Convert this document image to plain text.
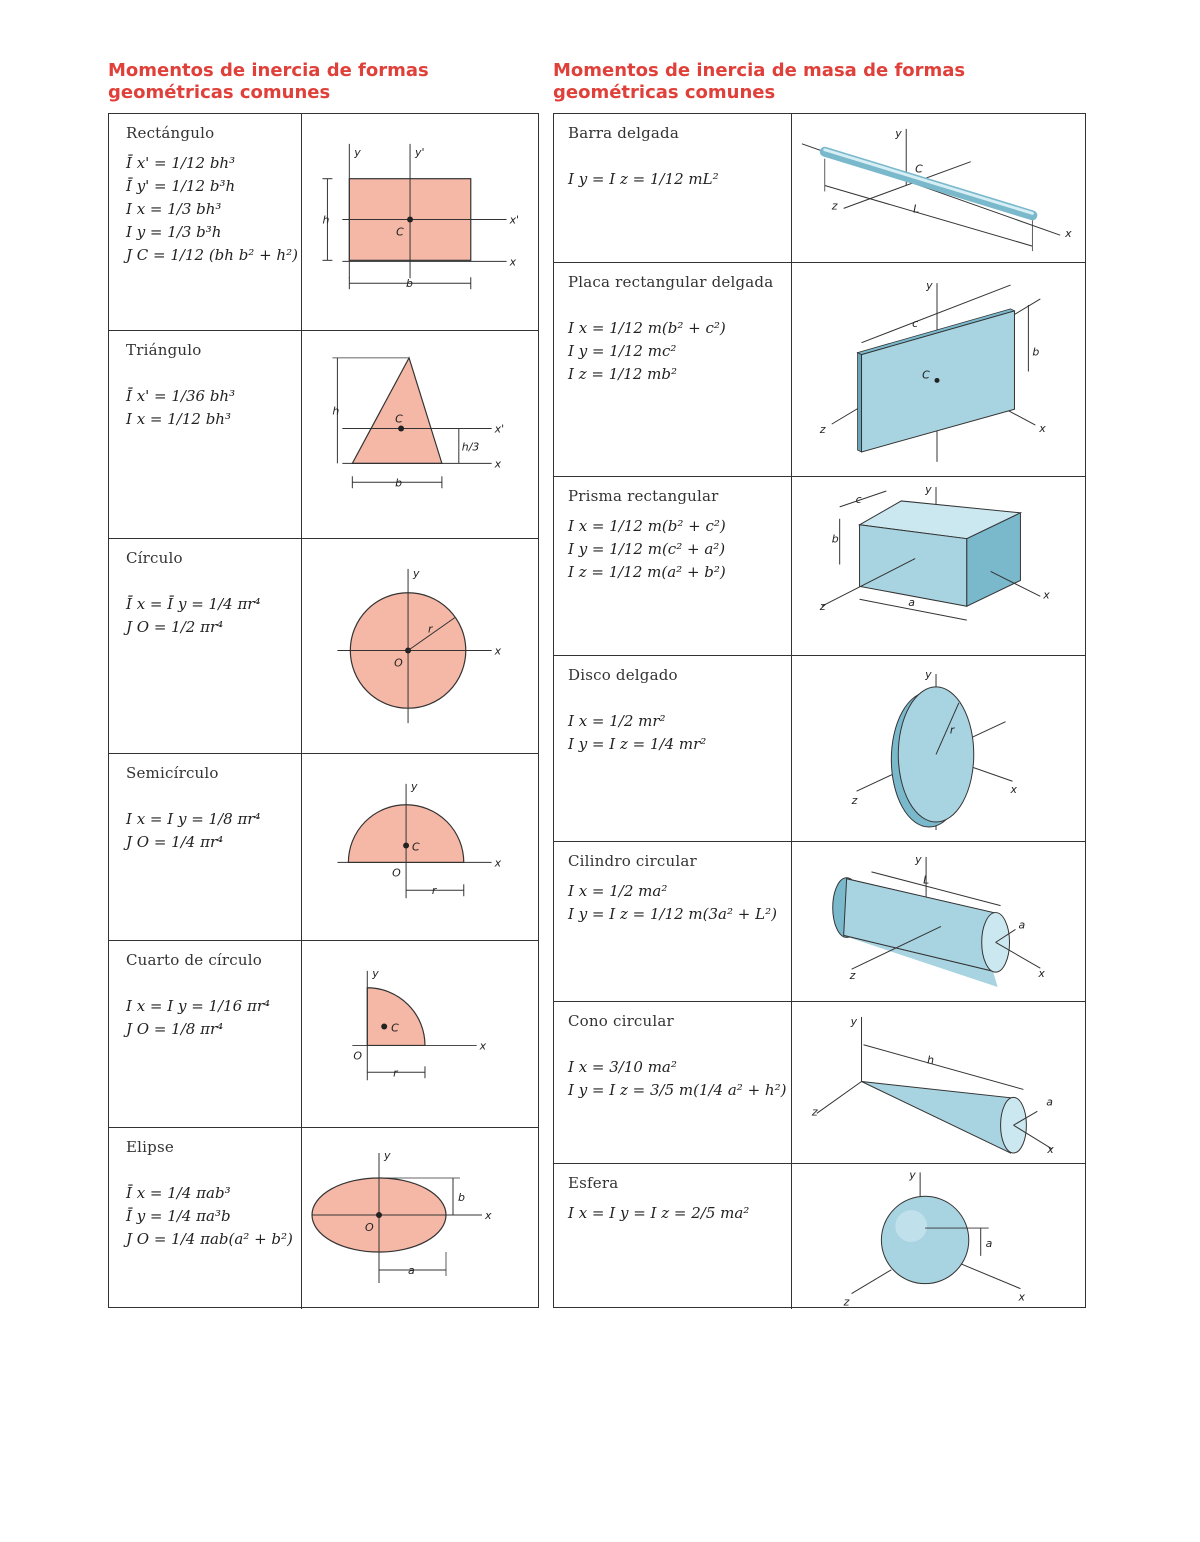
Momentos de inercia de formas
geométricas comunes
Momentos de inercia de masa de formas
geométricas comunes
Rectángulo
Ī x' = 1/12 bh³
Ī y' = 1/12 b³h
I x = 1/3 bh³
I y = 1/3 b³h
J C = 1/12 (bh b² + h²)
y	y'
x'
x
C
h
b
Triángulo
Ī x' = 1/36 bh³
I x = 1/12 bh³	h
C
x'
x
h/3
b
Círculo
Ī x = Ī y = 1/4 πr⁴
J O = 1/2 πr⁴
y
x
O
r
Semicírculo
I x = I y = 1/8 πr⁴
J O = 1/4 πr⁴
y
x
C
O
r
Cuarto de círculo
I x = I y = 1/16 πr⁴
J O = 1/8 πr⁴
y
x
C
O
r
Elipse
Ī x = 1/4 πab³
Ī y = 1/4 πa³b
J O = 1/4 πab(a² + b²)
y
x
O
a
b
Barra delgada
I y = I z = 1/12 mL²
y
x
z
C
L
Placa rectangular delgada
I x = 1/12 m(b² + c²)
I y = 1/12 mc²
I z = 1/12 mb²
y
x
z
C
c
b
Prisma rectangular
I x = 1/12 m(b² + c²)
I y = 1/12 m(c² + a²)
I z = 1/12 m(a² + b²)
y
x
z	a
b
c
Disco delgado
I x = 1/2 mr²
I y = I z = 1/4 mr²
y
x
z
r
Cilindro circular
I x = 1/2 ma²
I y = I z = 1/12 m(3a² + L²)
y
x
z
a
L
Cono circular
I x = 3/10 ma²
I y = I z = 3/5 m(1/4 a² + h²)
y
x
z
a
h
Esfera
I x = I y = I z = 2/5 ma²
y
x
z
a
